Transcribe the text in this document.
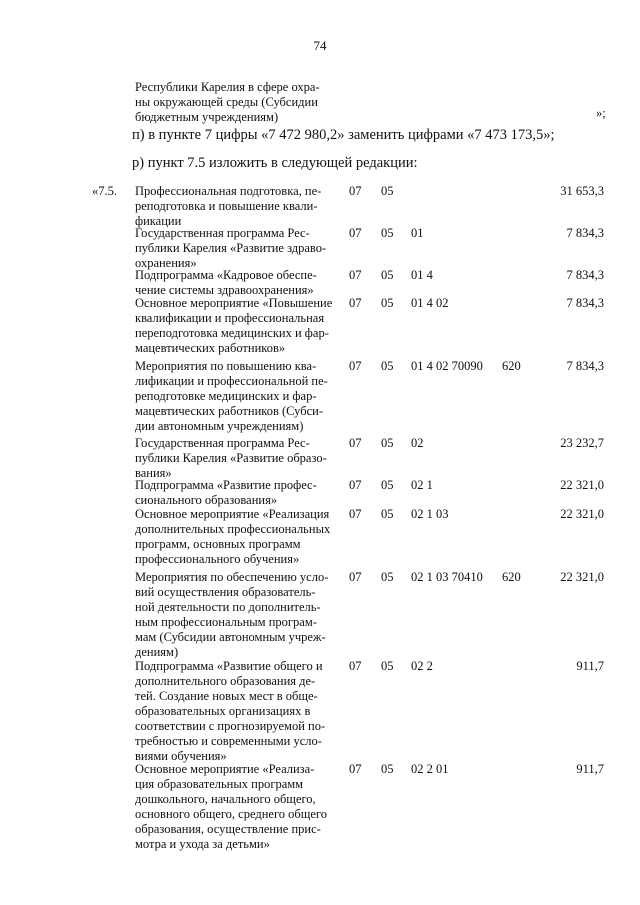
74
Республики Карелия в сфере охра-
ны окружающей среды (Субсидии
бюджетным учреждениям)	»;
п) в пункте 7 цифры «7 472 980,2» заменить цифрами «7 473 173,5»;
р) пункт 7.5 изложить в следующей редакции:
«7.5. Профессиональная подготовка, пе-
реподготовка и повышение квали-
фикации
07 05	31 653,3
Государственная программа Рес-
публики Карелия «Развитие здраво-
охранения»
07 05 01	7 834,3
Подпрограмма «Кадровое обеспе-
чение системы здравоохранения»
07 05 01 4	7 834,3
Основное мероприятие «Повышение
квалификации и профессиональная
переподготовка медицинских и фар-
мацевтических работников»
07 05 01 4 02	7 834,3
Мероприятия по повышению ква-
лификации и профессиональной пе-
реподготовке медицинских и фар-
мацевтических работников (Субси-
дии автономным учреждениям)
07 05 01 4 02 70090 620	7 834,3
Государственная программа Рес-
публики Карелия «Развитие образо-
вания»
07 05 02	23 232,7
Подпрограмма «Развитие профес-
сионального образования»
07 05 02 1	22 321,0
Основное мероприятие «Реализация
дополнительных профессиональных
программ, основных программ
профессионального обучения»
07 05 02 1 03	22 321,0
Мероприятия по обеспечению усло-
вий осуществления образователь-
ной деятельности по дополнитель-
ным профессиональным програм-
мам (Субсидии автономным учреж-
дениям)
07 05 02 1 03 70410 620	22 321,0
Подпрограмма «Развитие общего и
дополнительного образования де-
тей. Создание новых мест в обще-
образовательных организациях в
соответствии с прогнозируемой по-
требностью и современными усло-
виями обучения»
07 05 02 2	911,7
Основное мероприятие «Реализа-
ция образовательных программ
дошкольного, начального общего,
основного общего, среднего общего
образования, осуществление прис-
мотра и ухода за детьми»
07 05 02 2 01	911,7
